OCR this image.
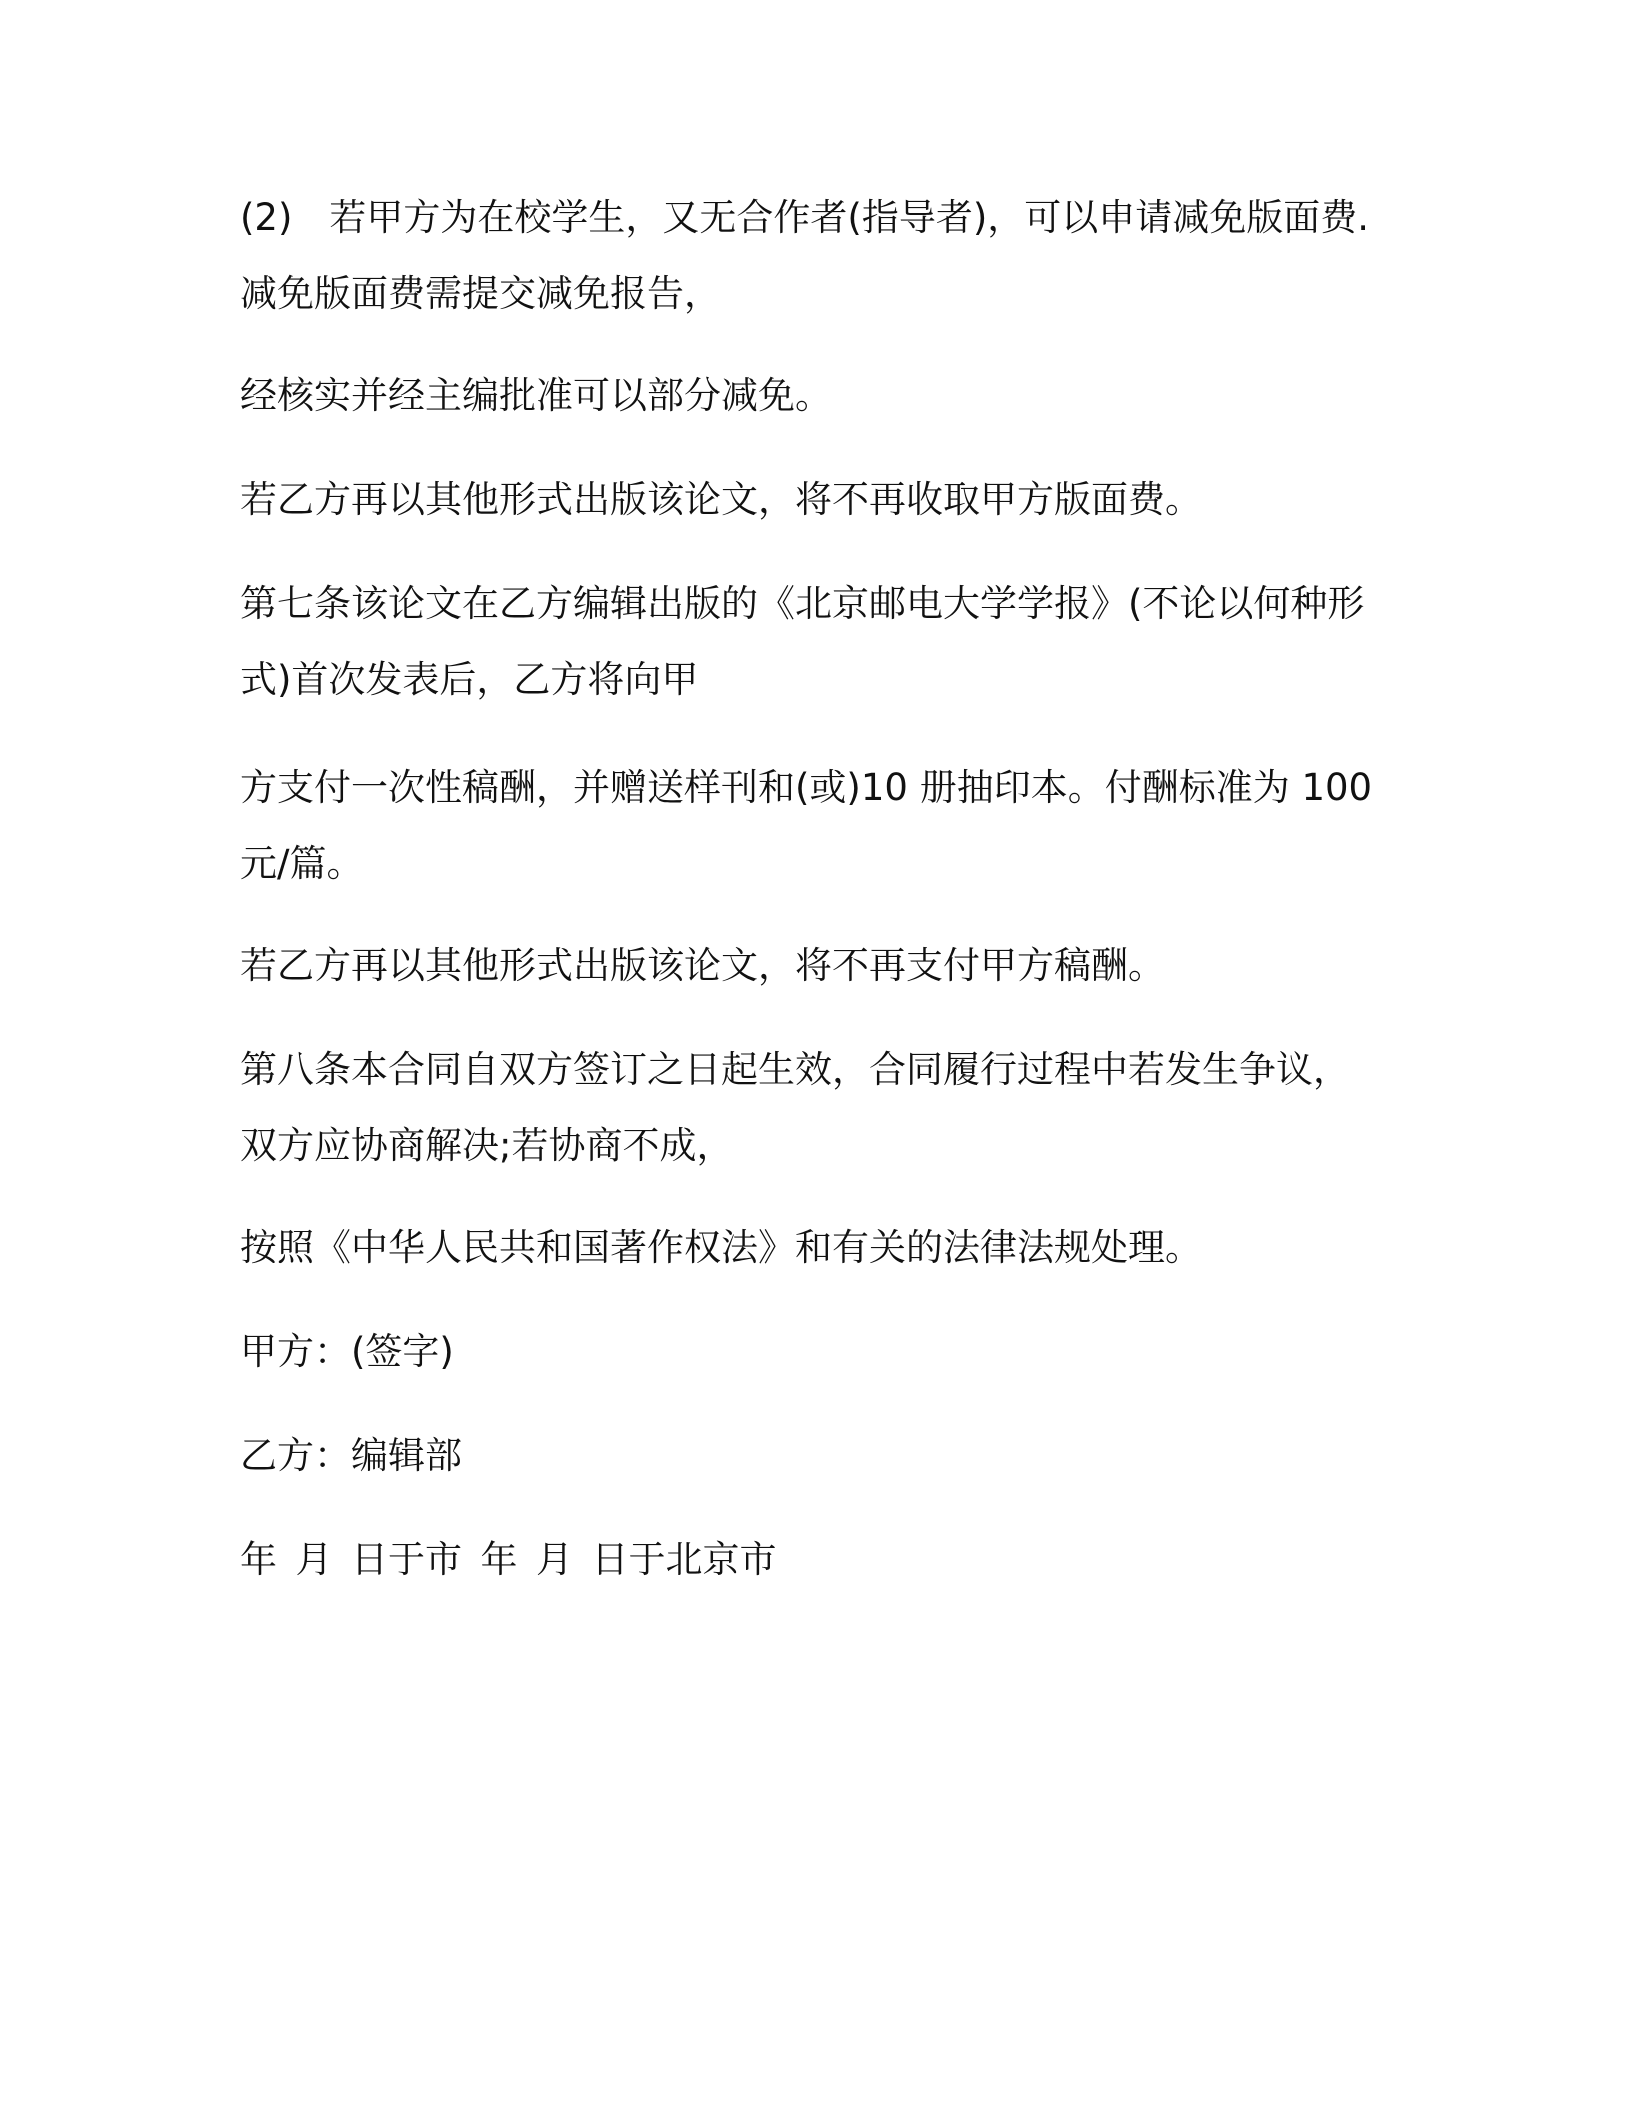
(2)　若甲方为在校学生，又无合作者(指导者)，可以申请减免版面费.
减免版面费需提交减免报告，

经核实并经主编批准可以部分减免。

若乙方再以其他形式出版该论文，将不再收取甲方版面费。

第七条该论文在乙方编辑出版的《北京邮电大学学报》(不论以何种形
式)首次发表后，乙方将向甲

方支付一次性稿酬，并赠送样刊和(或)10 册抽印本。付酬标准为 100
元/篇。

若乙方再以其他形式出版该论文，将不再支付甲方稿酬。

第八条本合同自双方签订之日起生效，合同履行过程中若发生争议，
双方应协商解决;若协商不成，

按照《中华人民共和国著作权法》和有关的法律法规处理。

甲方：(签字)

乙方：编辑部

年 月 日于市 年 月 日于北京市
